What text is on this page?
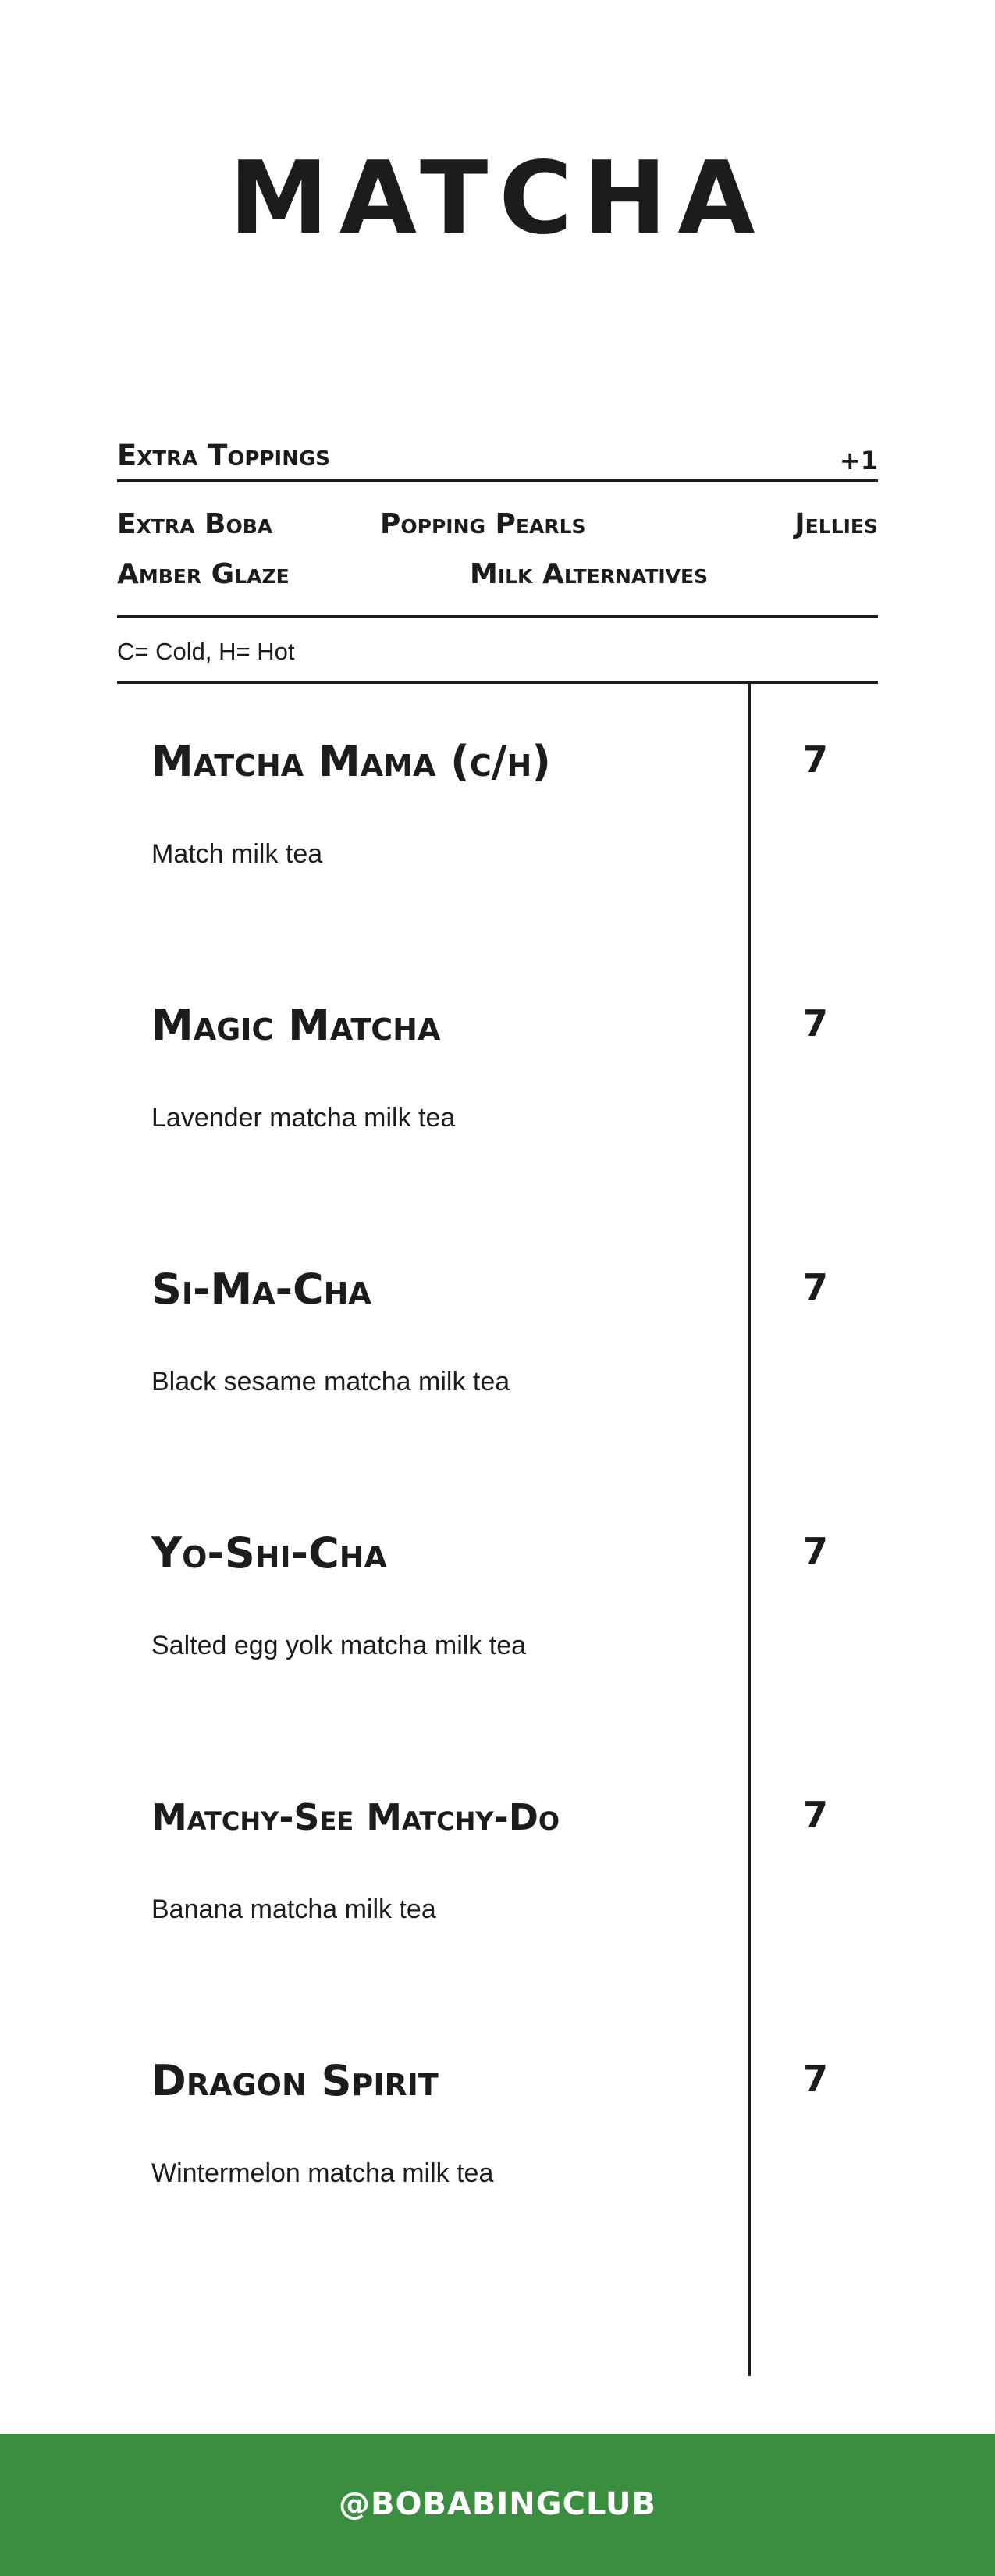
MATCHA
Extra Toppings	+1
Extra Boba	Popping Pearls	Jellies
Amber Glaze	Milk Alternatives
C= Cold, H= Hot
Matcha Mama (c/h)	7
Match milk tea
Magic Matcha	7
Lavender matcha milk tea
Si-Ma-Cha	7
Black sesame matcha milk tea
Yo-Shi-Cha	7
Salted egg yolk matcha milk tea
Matchy-See Matchy-Do	7
Banana matcha milk tea
Dragon Spirit	7
Wintermelon matcha milk tea
@BOBABINGCLUB
